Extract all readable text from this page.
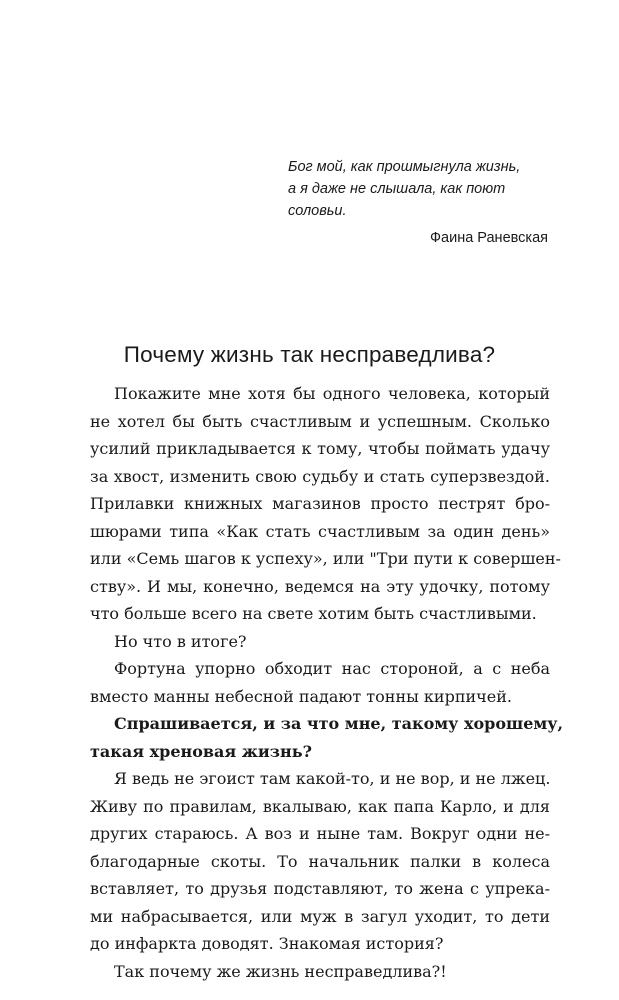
Бог мой, как прошмыгнула жизнь,
а я даже не слышала, как поют
соловьи.
Фаина Раневская
Почему жизнь так несправедлива?
Покажите мне хотя бы одного человека, который
не хотел бы быть счастливым и успешным. Сколько
усилий прикладывается к тому, чтобы поймать удачу
за хвост, изменить свою судьбу и стать суперзвездой.
Прилавки книжных магазинов просто пестрят бро-
шюрами типа «Как стать счастливым за один день»
или «Семь шагов к успеху», или "Три пути к совершен-
ству». И мы, конечно, ведемся на эту удочку, потому
что больше всего на свете хотим быть счастливыми.
Но что в итоге?
Фортуна упорно обходит нас стороной, а с неба
вместо манны небесной падают тонны кирпичей.
Спрашивается, и за что мне, такому хорошему,
такая хреновая жизнь?
Я ведь не эгоист там какой-то, и не вор, и не лжец.
Живу по правилам, вкалываю, как папа Карло, и для
других стараюсь. А воз и ныне там. Вокруг одни не-
благодарные скоты. То начальник палки в колеса
вставляет, то друзья подставляют, то жена с упрека-
ми набрасывается, или муж в загул уходит, то дети
до инфаркта доводят. Знакомая история?
Так почему же жизнь несправедлива?!
